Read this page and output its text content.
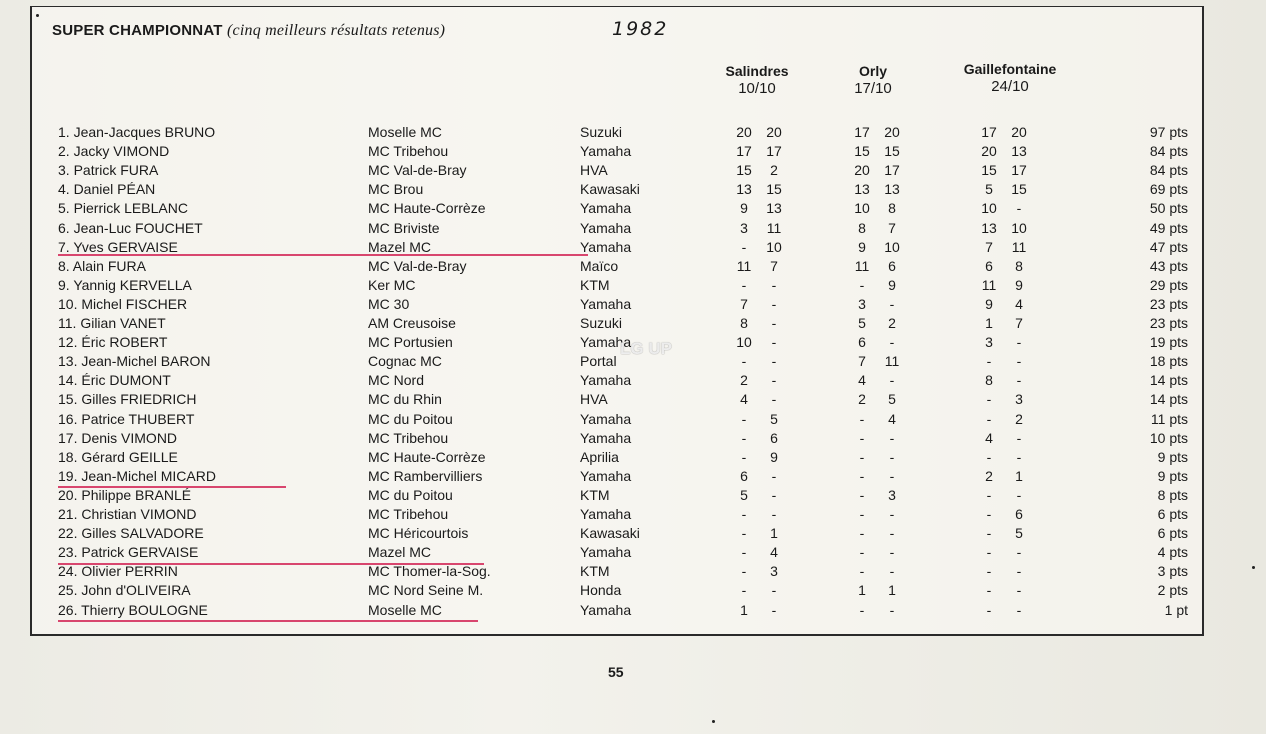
SUPER CHAMPIONNAT (cinq meilleurs résultats retenus)	1982
Salindres
10/10
Orly
17/10
Gaillefontaine
24/10
1. Jean-Jacques BRUNO	Moselle MC	Suzuki	20	20	17	20	17	20	97 pts
2. Jacky VIMOND	MC Tribehou	Yamaha	17	17	15	15	20	13	84 pts
3. Patrick FURA	MC Val-de-Bray	HVA	15	2	20	17	15	17	84 pts
4. Daniel PÉAN	MC Brou	Kawasaki	13	15	13	13	5	15	69 pts
5. Pierrick LEBLANC	MC Haute-Corrèze	Yamaha	9	13	10	8	10	-	50 pts
6. Jean-Luc FOUCHET	MC Briviste	Yamaha	3	11	8	7	13	10	49 pts
7. Yves GERVAISE	Mazel MC	Yamaha	-	10	9	10	7	11	47 pts
8. Alain FURA	MC Val-de-Bray	Maïco	11	7	11	6	6	8	43 pts
9. Yannig KERVELLA	Ker MC	KTM	-	-	-	9	11	9	29 pts
10. Michel FISCHER	MC 30	Yamaha	7	-	3	-	9	4	23 pts
11. Gilian VANET	AM Creusoise	Suzuki	8	-	5	2	1	7	23 pts
12. Éric ROBERT	MC Portusien	Yamaha	10	-	6	-	3	-	19 pts
13. Jean-Michel BARON	Cognac MC	Portal	-	-	7	11	-	-	18 pts
14. Éric DUMONT	MC Nord	Yamaha	2	-	4	-	8	-	14 pts
15. Gilles FRIEDRICH	MC du Rhin	HVA	4	-	2	5	-	3	14 pts
16. Patrice THUBERT	MC du Poitou	Yamaha	-	5	-	4	-	2	11 pts
17. Denis VIMOND	MC Tribehou	Yamaha	-	6	-	-	4	-	10 pts
18. Gérard GEILLE	MC Haute-Corrèze	Aprilia	-	9	-	-	-	-	9 pts
19. Jean-Michel MICARD	MC Rambervilliers	Yamaha	6	-	-	-	2	1	9 pts
20. Philippe BRANLÉ	MC du Poitou	KTM	5	-	-	3	-	-	8 pts
21. Christian VIMOND	MC Tribehou	Yamaha	-	-	-	-	-	6	6 pts
22. Gilles SALVADORE	MC Héricourtois	Kawasaki	-	1	-	-	-	5	6 pts
23. Patrick GERVAISE	Mazel MC	Yamaha	-	4	-	-	-	-	4 pts
24. Olivier PERRIN	MC Thomer-la-Sog.	KTM	-	3	-	-	-	-	3 pts
25. John d'OLIVEIRA	MC Nord Seine M.	Honda	-	-	1	1	-	-	2 pts
26. Thierry BOULOGNE	Moselle MC	Yamaha	1	-	-	-	-	-	1 pt
LG UP
55
